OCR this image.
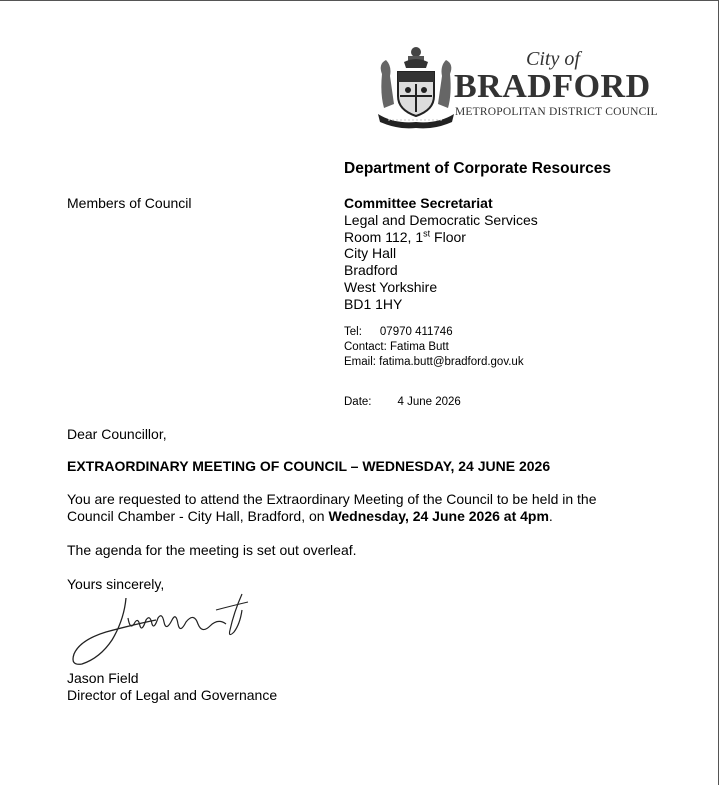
City of
BRADFORD
METROPOLITAN DISTRICT COUNCIL
Department of Corporate Resources
Members of Council	Committee Secretariat
Legal and Democratic Services
Room 112, 1st Floor
City Hall
Bradford
West Yorkshire
BD1 1HY
Tel: 07970 411746
Contact: Fatima Butt
Email: fatima.butt@bradford.gov.uk
Date: 4 June 2026
Dear Councillor,
EXTRAORDINARY MEETING OF COUNCIL – WEDNESDAY, 24 JUNE 2026
You are requested to attend the Extraordinary Meeting of the Council to be held in the Council Chamber - City Hall, Bradford, on Wednesday, 24 June 2026 at 4pm.
The agenda for the meeting is set out overleaf.
Yours sincerely,
Jason Field
Director of Legal and Governance
